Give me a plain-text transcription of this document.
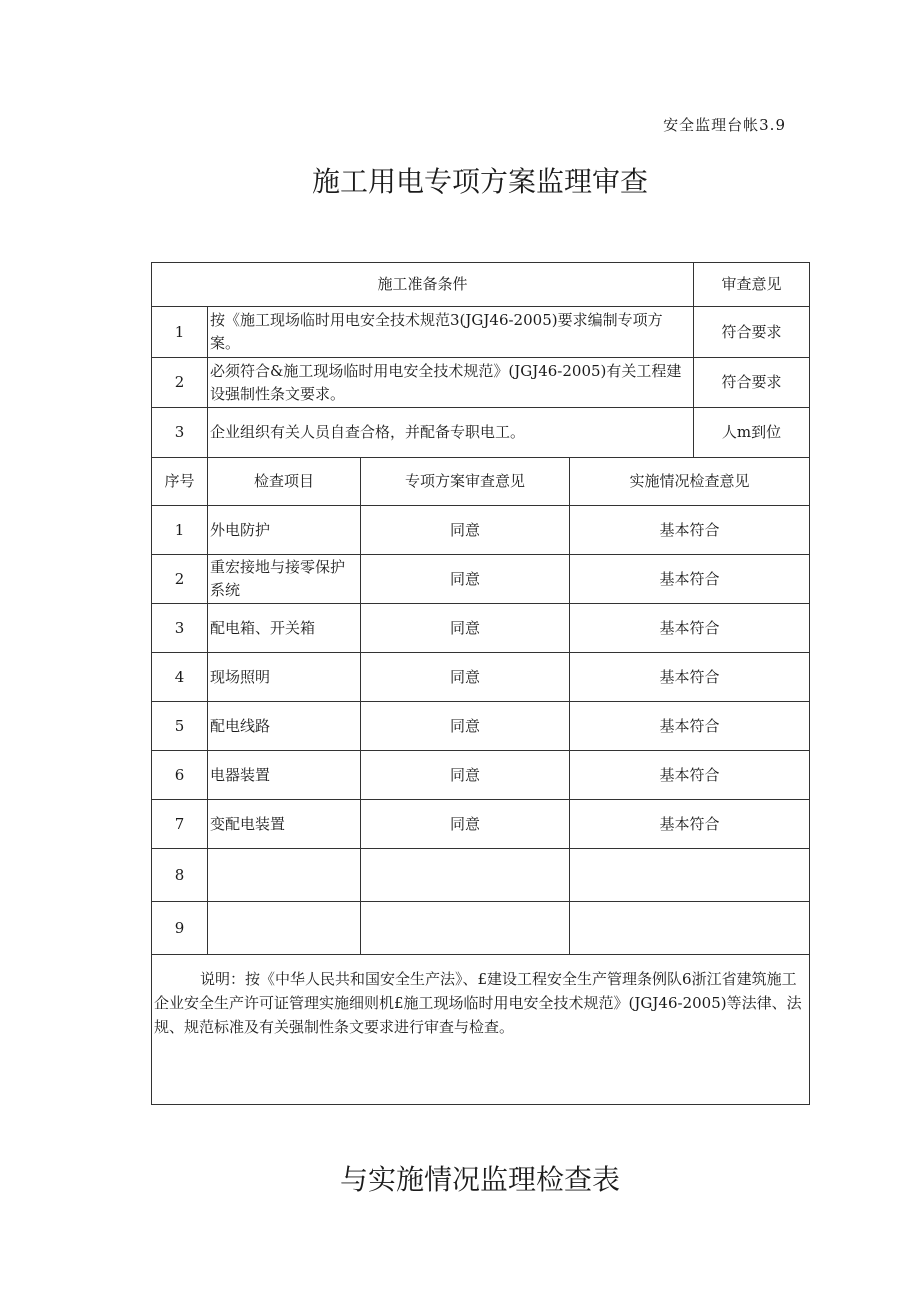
安全监理台帐3.9
施工用电专项方案监理审查
施工准备条件				审查意见
1	按《施工现场临时用电安全技术规范3(JGJ46-2005)要求编制专项方案。			符合要求
2	必须符合&施工现场临时用电安全技术规范》(JGJ46-2005)有关工程建设强制性条文要求。			符合要求
3	企业组织有关人员自查合格，并配备专职电工。			人m到位
序号	检查项目	专项方案审查意见	实施情况检查意见	
1	外电防护	同意	基本符合	
2	重宏接地与接零保护系统	同意	基本符合	
3	配电箱、开关箱	同意	基本符合	
4	现场照明	同意	基本符合	
5	配电线路	同意	基本符合	
6	电器装置	同意	基本符合	
7	变配电装置	同意	基本符合	
8				
9				
说明：按《中华人民共和国安全生产法》、£建设工程安全生产管理条例队6浙江省建筑施工企业安全生产许可证管理实施细则机£施工现场临时用电安全技术规范》(JGJ46-2005)等法律、法规、规范标准及有关强制性条文要求进行审查与检查。				
与实施情况监理检查表
